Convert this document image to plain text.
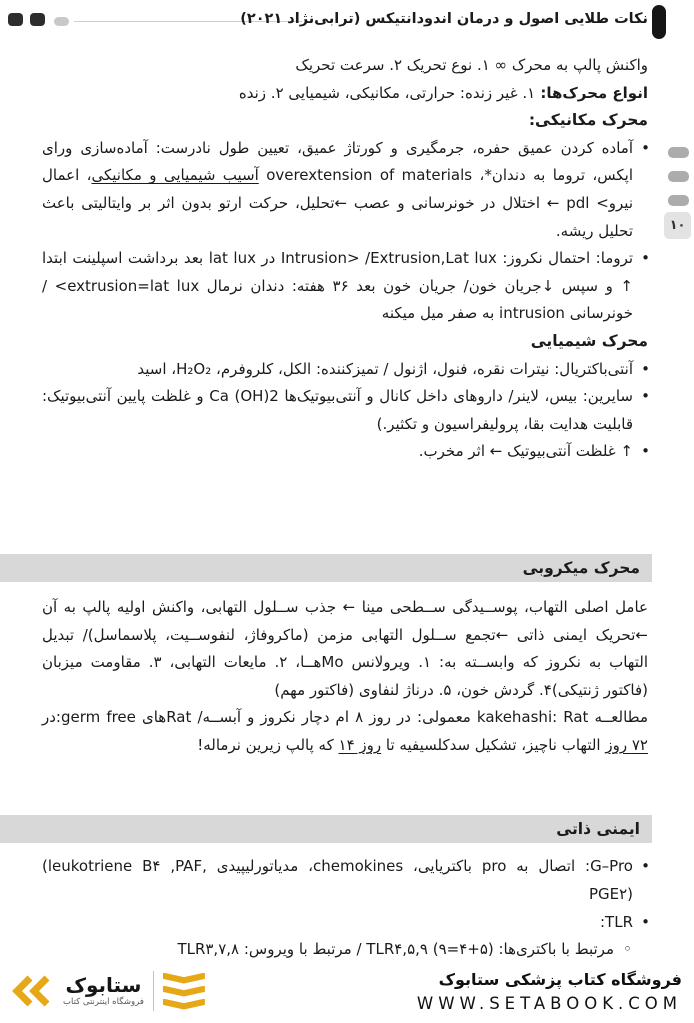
نکات طلایی اصول و درمان اندودانتیکس (ترابی‌نژاد ۲۰۲۱)
۱۰

واکنش پالپ به محرک ∞ ۱. نوع تحریک ۲. سرعت تحریک

انواع محرک‌ها: ۱. غیر زنده: حرارتی، مکانیکی، شیمیایی ۲. زنده

محرک مکانیکی:
• آماده کردن عمیق حفره، جرمگیری و کورتاژ عمیق، تعیین طول نادرست: آماده‌سازی ورای اپکس، تروما به دندان*، overextension of materials آسیب شیمیایی و مکانیکی، اعمال نیرو> pdl ← اختلال در خونرسانی و عصب ←تحلیل، حرکت ارتو بدون اثر بر وایتالیتی باعث تحلیل ریشه.
• تروما: احتمال نکروز: Intrusion> /Extrusion,Lat lux در lat lux بعد برداشت اسپلینت ابتدا ↑ و سپس ↓جریان خون/ جریان خون بعد ۳۶ هفته: دندان نرمال <extrusion=lat lux / خونرسانی intrusion به صفر میل میکنه
محرک شیمیایی
• آنتی‌باکتریال: نیترات نقره، فنول، اژنول / تمیزکننده: الکل، کلروفرم، H₂O₂، اسید
• سایرین: بیس، لاینر/ داروهای داخل کانال و آنتی‌بیوتیک‌ها Ca (OH)2 و غلظت پایین آنتی‌بیوتیک: قابلیت هدایت بقا، پرولیفراسیون و تکثیر.)
• ↑ غلظت آنتی‌بیوتیک ← اثر مخرب.
محرک میکروبی

عامل اصلی التهاب، پوســیدگی ســطحی مینا ← جذب ســلول التهابی، واکنش اولیه پالپ به آن ←تحریک ایمنی ذاتی ←تجمع ســلول التهابی مزمن (ماکروفاژ، لنفوســیت، پلاسماسل)/ تبدیل التهاب به نکروز که وابســته به: ۱. ویرولانس Moهــا، ۲. مایعات التهابی، ۳. مقاومت میزبان (فاکتور ژنتیکی)۴. گردش خون، ۵. درناژ لنفاوی (فاکتور مهم)

مطالعــه kakehashi: Rat معمولی: در روز ۸ ام دچار نکروز و آبســه/ Ratهای germ free:در ۷۲ روز التهاب ناچیز، تشکیل سدکلسیفیه تا روز ۱۴ که پالپ زیرین نرماله!

ایمنی ذاتی
• G–Pro: اتصال به pro باکتریایی، chemokines، مدیاتورلیپیدی (leukotriene B۴ ,PAF, PGE۲)
• TLR:
◦ مرتبط با باکتری‌ها: TLR۴,۵,۹ (۹=۴+۵) / مرتبط با ویروس: TLR۳,۷,۸
ستابوک
فروشگاه اینترنتی کتاب
فروشگاه کتاب پزشکی ستابوک
WWW.SETABOOK.COM
